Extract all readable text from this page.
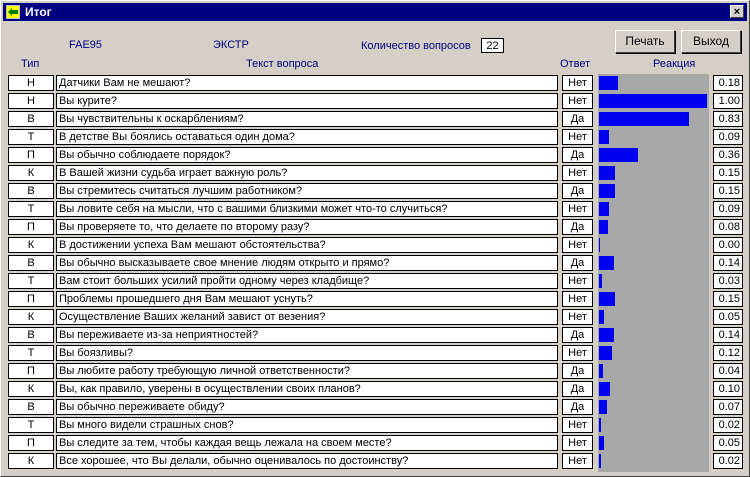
Итог	×
FAE95	ЭКСТР	Количество вопросов	22	Печать	Выход
Тип	Текст вопроса	Ответ	Реакция
Н	Датчики Вам не мешают?	Нет	0.18
Н	Вы курите?	Нет	1.00
В	Вы чувствительны к оскарблениям?	Да	0.83
Т	В детстве Вы боялись оставаться один дома?	Нет	0.09
П	Вы обычно соблюдаете порядок?	Да	0.36
К	В Вашей жизни судьба играет важную роль?	Нет	0.15
В	Вы стремитесь считаться лучшим работником?	Да	0.15
Т	Вы ловите себя на мысли, что с вашими близкими может что-то случиться?	Нет	0.09
П	Вы проверяете то, что делаете по второму разу?	Да	0.08
К	В достижении успеха Вам мешают обстоятельства?	Нет	0.00
В	Вы обычно высказываете свое мнение людям открыто и прямо?	Да	0.14
Т	Вам стоит больших усилий пройти одному через кладбище?	Нет	0.03
П	Проблемы прошедшего дня Вам мешают уснуть?	Нет	0.15
К	Осуществление Ваших желаний завист от везения?	Нет	0.05
В	Вы переживаете из-за неприятностей?	Да	0.14
Т	Вы боязливы?	Нет	0.12
П	Вы любите работу требующую личной ответственности?	Да	0.04
К	Вы, как правило, уверены в осуществлении своих планов?	Да	0.10
В	Вы обычно переживаете обиду?	Да	0.07
Т	Вы много видели страшных снов?	Нет	0.02
П	Вы следите за тем, чтобы каждая вещь лежала на своем месте?	Нет	0.05
К	Все хорошее, что Вы делали, обычно оценивалось по достоинству?	Нет	0.02
